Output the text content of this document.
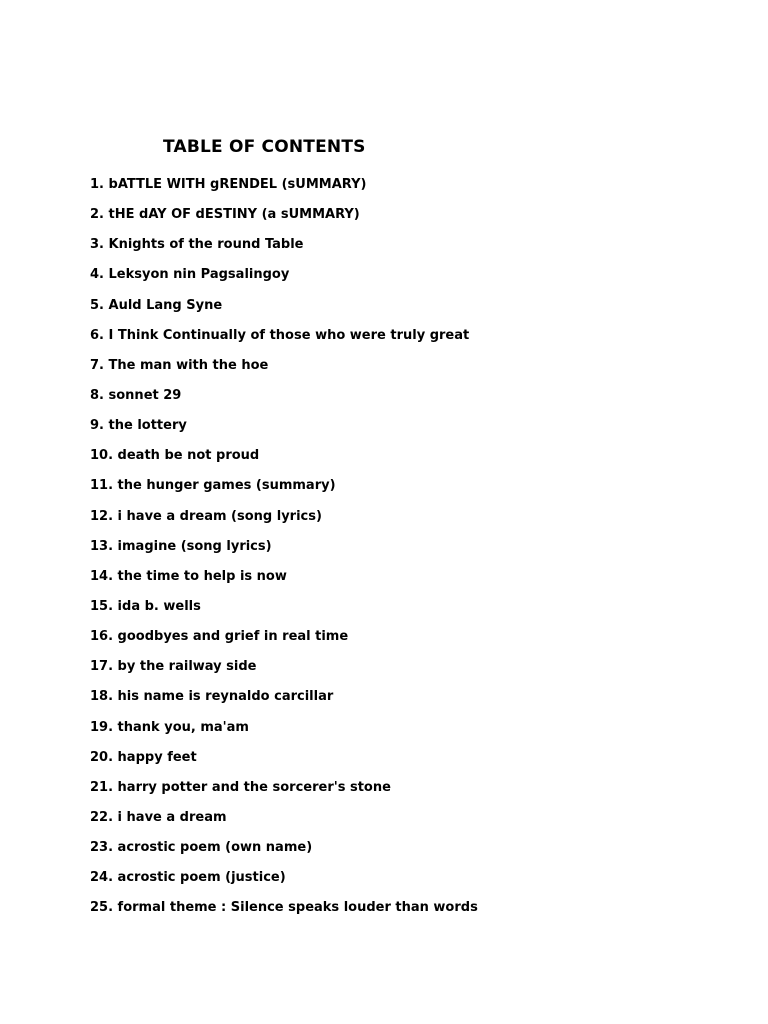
TABLE OF CONTENTS
1. bATTLE WITH gRENDEL (sUMMARY)
2. tHE dAY OF dESTINY (a sUMMARY)
3. Knights of the round Table
4. Leksyon nin Pagsalingoy
5. Auld Lang Syne
6. I Think Continually of those who were truly great
7. The man with the hoe
8. sonnet 29
9. the lottery
10. death be not proud
11. the hunger games (summary)
12. i have a dream (song lyrics)
13. imagine (song lyrics)
14. the time to help is now
15. ida b. wells
16. goodbyes and grief in real time
17. by the railway side
18. his name is reynaldo carcillar
19. thank you, ma'am
20. happy feet
21. harry potter and the sorcerer's stone
22. i have a dream
23. acrostic poem (own name)
24. acrostic poem (justice)
25. formal theme : Silence speaks louder than words
